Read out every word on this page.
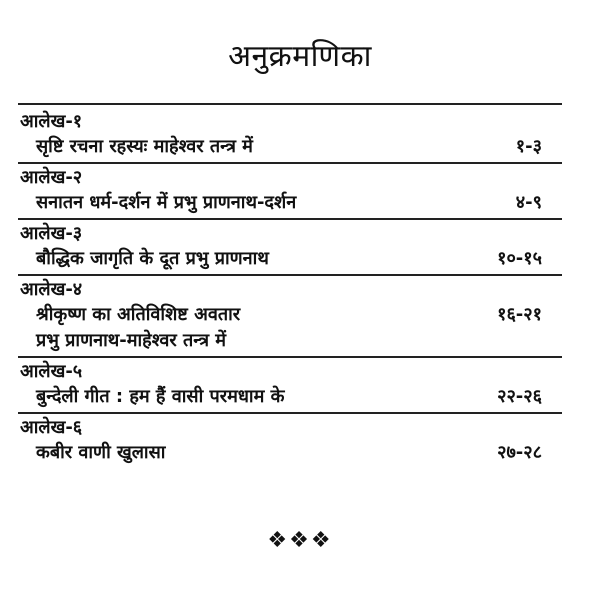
अनुक्रमणिका
आलेख-१
सृष्टि रचना रहस्यः माहेश्वर तन्त्र में	१-३
आलेख-२
सनातन धर्म-दर्शन में प्रभु प्राणनाथ-दर्शन	४-९
आलेख-३
बौद्धिक जागृति के दूत प्रभु प्राणनाथ	१०-१५
आलेख-४
श्रीकृष्ण का अतिविशिष्ट अवतार	१६-२१
प्रभु प्राणनाथ-माहेश्वर तन्त्र में
आलेख-५
बुन्देली गीत : हम हैं वासी परमधाम के	२२-२६
आलेख-६
कबीर वाणी खुलासा	२७-२८
❖❖❖
